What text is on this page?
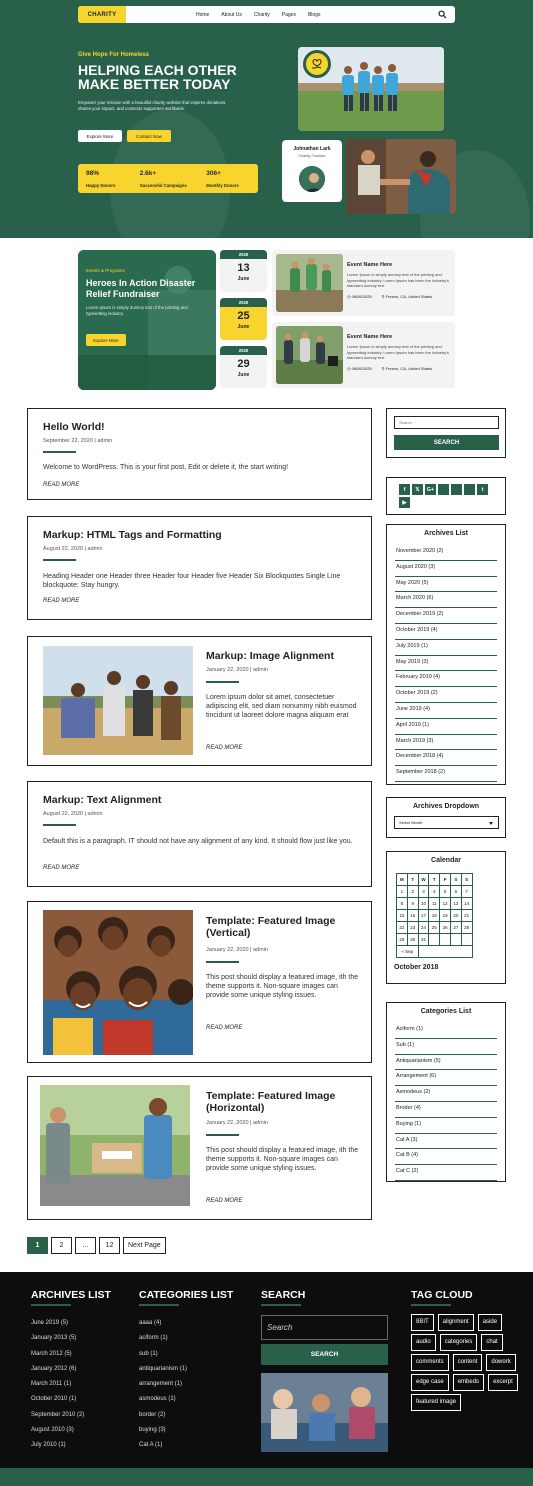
CHARITY	Home About Us Charity Pages Blogs
Give Hope For Homeless
HELPING EACH OTHER
MAKE BETTER TODAY
Empower your mission with a beautiful charity website that inspires donations, shares your impact, and connects supporters worldwide.
Explore More	Contact Now
98%
Happy Donors
2.6k+
Successful Campaigns
306+
Monthly Donors
Johnathan Lark
Charity Founder
Events & Programs
Heroes In Action Disaster Relief Fundraiser
Lorem Ipsum is simply dummy text of the printing and typesetting industry.
Explore More
2025
13
June
2025
25
June
2025
29
June
Event Name Here
Lorem Ipsum is simply dummy text of the printing and typesetting industry. Lorem Ipsum has been the industry's standard dummy text
◷ 08/06/2025	⚲ Fresno, CA, United States
Event Name Here
Lorem Ipsum is simply dummy text of the printing and typesetting industry. Lorem Ipsum has been the industry's standard dummy text
◷ 08/06/2025	⚲ Fresno, CA, United States
Hello World!
September 22, 2020 | admin
Welcome to WordPress. This is your first post, Edit or delete it, the start writing!
READ MORE
Markup: HTML Tags and Formatting
August 22, 2020 | admin
Heading Header one Header three Header four Header five Header Six Blockquotes Single Line blockquote: Stay hungry.
READ MORE
Markup: Image Alignment
January 22, 2020 | admin
Lorem ipsum dolor sit amet, consectetuer adipiscing elit, sed diam nonummy nibh euismod tincidunt ut laoreet dolore magna aliquam erat
READ MORE
Markup: Text Alignment
August 22, 2020 | admin
Default this is a paragraph. IT should not have any alignment of any kind. It should flow just like you.
READ MORE
Template: Featured Image (Vertical)
January 22, 2020 | admin
This post should display a featured image, ith the theme supports it. Non-square images can provide some unique styling issues.
READ MORE
Template: Featured Image (Horizontal)
January 22, 2020 | admin
This post should display a featured image, ith the theme supports it. Non-square images can provide some unique styling issues.
READ MORE
Search
SEARCH
f	𝕏	G+	t
▶
Archives List
November 2020 (2)
August 2020 (3)
May 2020 (5)
March 2020 (6)
December 2019 (2)
October 2019 (4)
July 2019 (1)
May 2019 (3)
February 2019 (4)
October 2019 (2)
June 2019 (4)
April 2019 (1)
March 2019 (3)
December 2018 (4)
September 2018 (2)
Archives Dropdown
Select Month
Calendar
M	T	W	T	F	S	S
1	2	3	4	5	6	7
8	9	10	11	12	13	14
15	16	17	18	19	20	21
22	23	24	25	26	27	28
29	30	31				
« Sep						
October 2018
Categories List
Aciform (1)
Sub (1)
Antiquarianism (5)
Arrangement (6)
Asmodeus (2)
Broder (4)
Buying (1)
Cat A (3)
Cat B (4)
Cat C (2)
1	2	...	12	Next Page
ARCHIVES LIST
June 2019 (5)
January 2013 (5)
March 2012 (5)
January 2012 (6)
March 2011 (1)
October 2010 (1)
September 2010 (2)
August 2010 (3)
July 2010 (1)
CATEGORIES LIST
aaaa (4)
aciform (1)
sub (1)
antiquarianism (1)
arrangement (1)
asmodeus (1)
border (2)
buying (3)
Cat A (1)
SEARCH
Search
SEARCH
TAG CLOUD
8BIT	alignment	aside
audio	categories	chat
comments	content	dowork
edge case	embeds	excerpt
featured image
